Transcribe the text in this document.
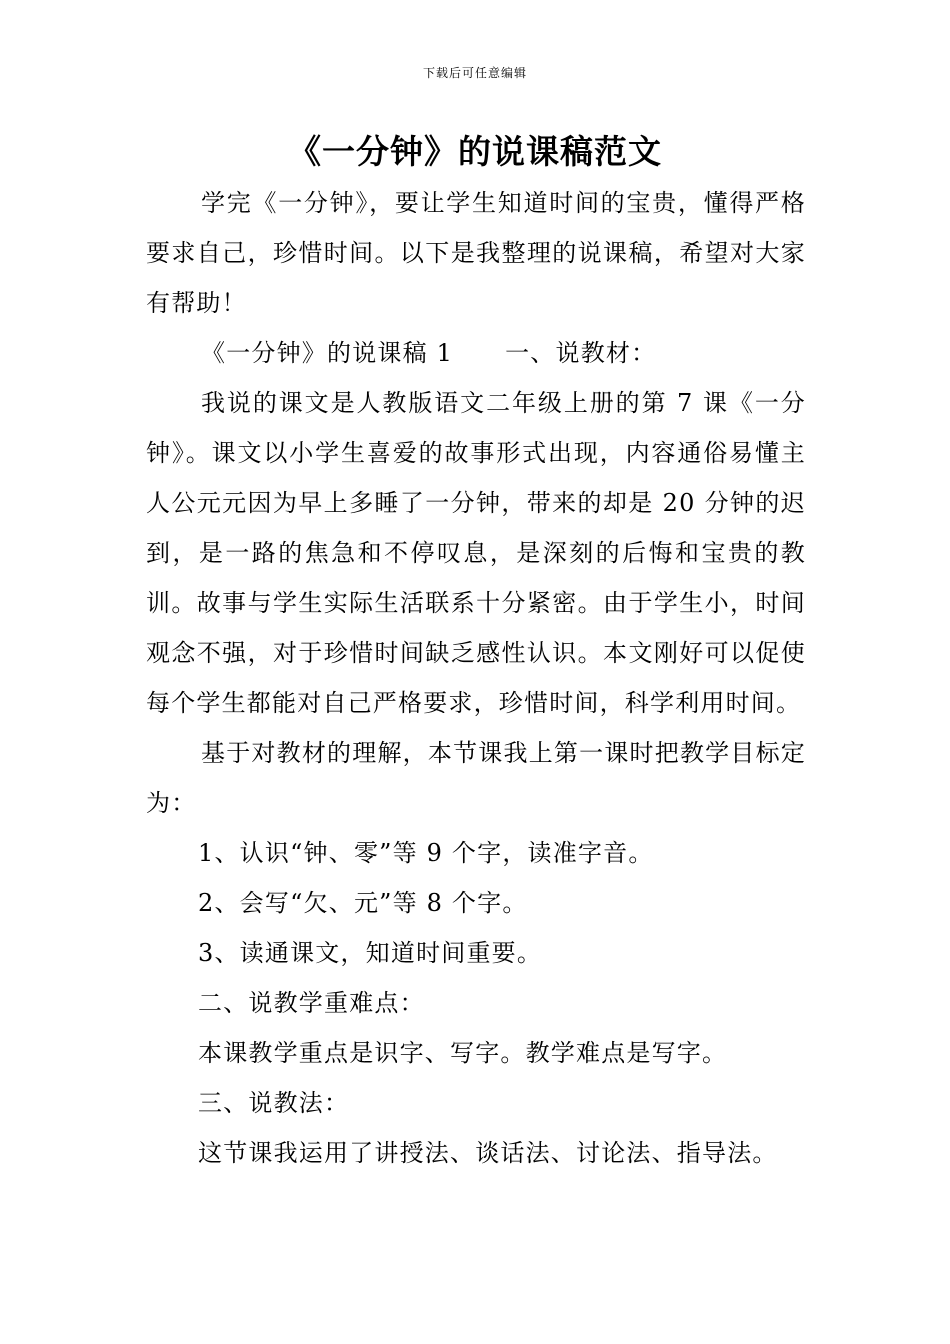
下载后可任意编辑
《一分钟》的说课稿范文

学完《一分钟》，要让学生知道时间的宝贵，懂得严格要求自己，珍惜时间。以下是我整理的说课稿，希望对大家有帮助！

《一分钟》的说课稿 1 一、说教材：

我说的课文是人教版语文二年级上册的第 7 课《一分钟》。课文以小学生喜爱的故事形式出现，内容通俗易懂主人公元元因为早上多睡了一分钟，带来的却是 20 分钟的迟到，是一路的焦急和不停叹息，是深刻的后悔和宝贵的教训。故事与学生实际生活联系十分紧密。由于学生小，时间观念不强，对于珍惜时间缺乏感性认识。本文刚好可以促使每个学生都能对自己严格要求，珍惜时间，科学利用时间。

基于对教材的理解，本节课我上第一课时把教学目标定为：

1、认识“钟、零”等 9 个字，读准字音。

2、会写“欠、元”等 8 个字。

3、读通课文，知道时间重要。

二、说教学重难点：

本课教学重点是识字、写字。教学难点是写字。

三、说教法：

这节课我运用了讲授法、谈话法、讨论法、指导法。
